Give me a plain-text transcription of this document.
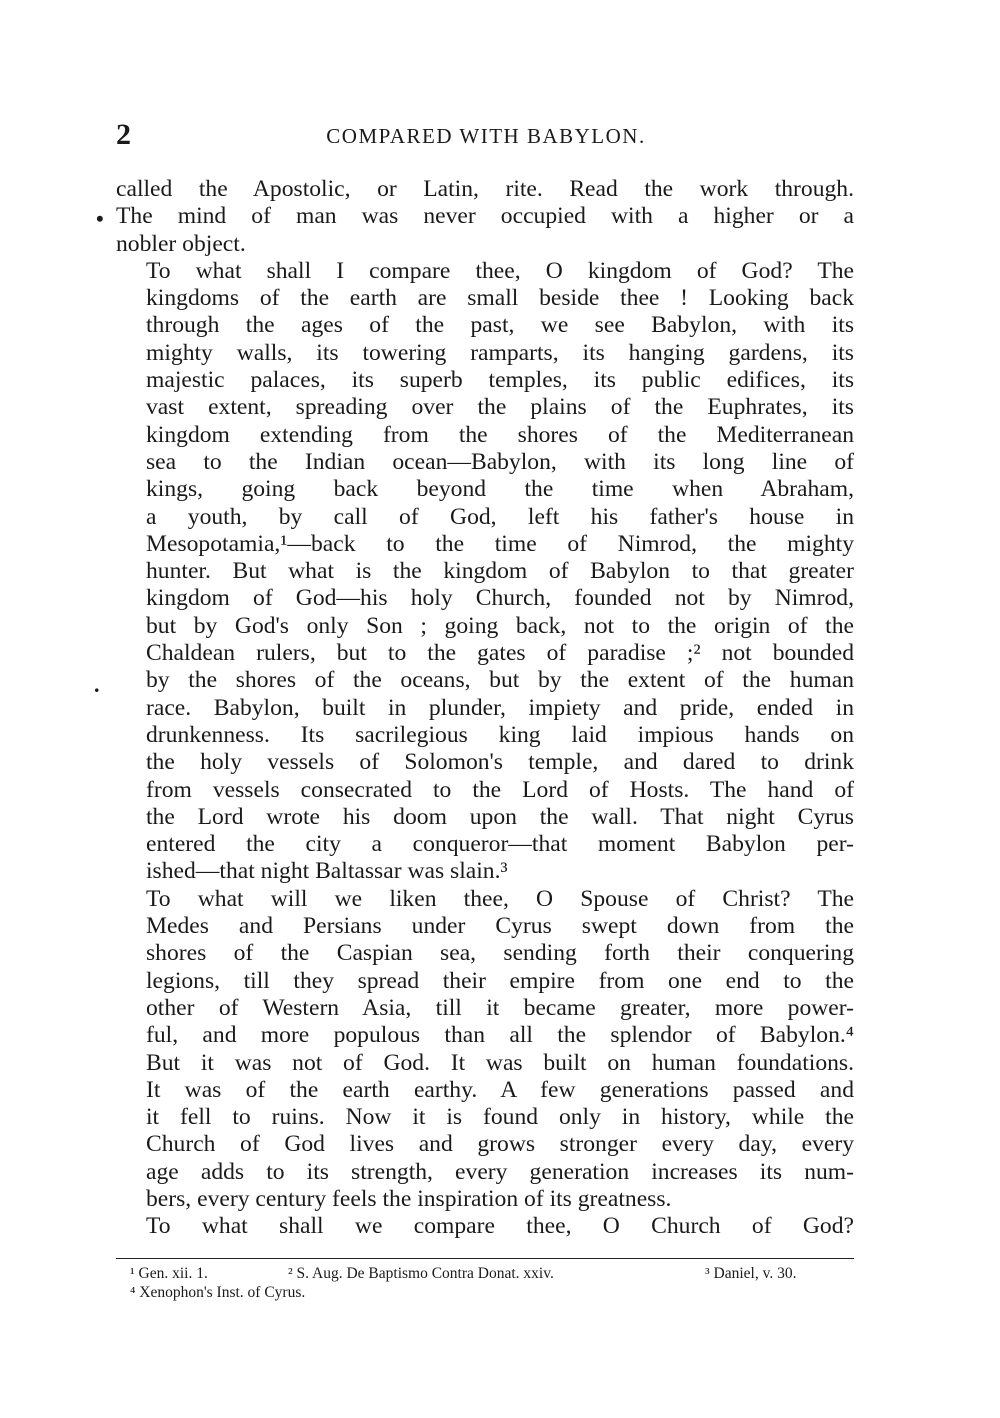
2	COMPARED WITH BABYLON.
•
.
called the Apostolic, or Latin, rite. Read the work through.
The mind of man was never occupied with a higher or a
nobler object.
To what shall I compare thee, O kingdom of God? The
kingdoms of the earth are small beside thee ! Looking back
through the ages of the past, we see Babylon, with its
mighty walls, its towering ramparts, its hanging gardens, its
majestic palaces, its superb temples, its public edifices, its
vast extent, spreading over the plains of the Euphrates, its
kingdom extending from the shores of the Mediterranean
sea to the Indian ocean—Babylon, with its long line of
kings, going back beyond the time when Abraham,
a youth, by call of God, left his father's house in
Mesopotamia,¹—back to the time of Nimrod, the mighty
hunter. But what is the kingdom of Babylon to that greater
kingdom of God—his holy Church, founded not by Nimrod,
but by God's only Son ; going back, not to the origin of the
Chaldean rulers, but to the gates of paradise ;² not bounded
by the shores of the oceans, but by the extent of the human
race. Babylon, built in plunder, impiety and pride, ended in
drunkenness. Its sacrilegious king laid impious hands on
the holy vessels of Solomon's temple, and dared to drink
from vessels consecrated to the Lord of Hosts. The hand of
the Lord wrote his doom upon the wall. That night Cyrus
entered the city a conqueror—that moment Babylon per-
ished—that night Baltassar was slain.³
To what will we liken thee, O Spouse of Christ? The
Medes and Persians under Cyrus swept down from the
shores of the Caspian sea, sending forth their conquering
legions, till they spread their empire from one end to the
other of Western Asia, till it became greater, more power-
ful, and more populous than all the splendor of Babylon.⁴
But it was not of God. It was built on human foundations.
It was of the earth earthy. A few generations passed and
it fell to ruins. Now it is found only in history, while the
Church of God lives and grows stronger every day, every
age adds to its strength, every generation increases its num-
bers, every century feels the inspiration of its greatness.
To what shall we compare thee, O Church of God?
¹ Gen. xii. 1.	² S. Aug. De Baptismo Contra Donat. xxiv.	³ Daniel, v. 30.
⁴ Xenophon's Inst. of Cyrus.
